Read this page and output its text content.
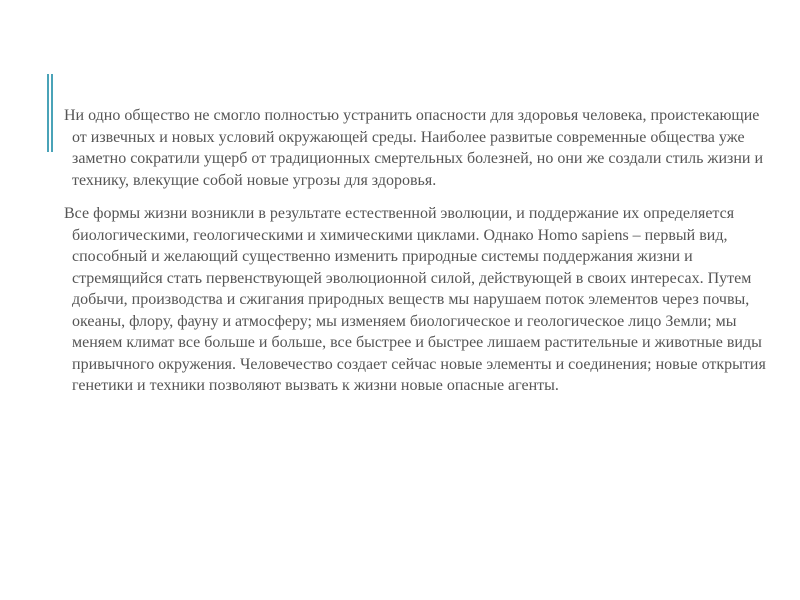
Ни одно общество не смогло полностью устранить опасности для здоровья человека, проистекающие от извечных и новых условий окружающей среды. Наиболее развитые современные общества уже заметно сократили ущерб от традиционных смертельных болезней, но они же создали стиль жизни и технику, влекущие собой новые угрозы для здоровья.

Все формы жизни возникли в результате естественной эволюции, и поддержание их определяется биологическими, геологическими и химическими циклами. Однако Homo sapiens – первый вид, способный и желающий существенно изменить природные системы поддержания жизни и стремящийся стать первенствующей эволюционной силой, действующей в своих интересах. Путем добычи, производства и сжигания природных веществ мы нарушаем поток элементов через почвы, океаны, флору, фауну и атмосферу; мы изменяем биологическое и геологическое лицо Земли; мы меняем климат все больше и больше, все быстрее и быстрее лишаем растительные и животные виды привычного окружения. Человечество создает сейчас новые элементы и соединения; новые открытия генетики и техники позволяют вызвать к жизни новые опасные агенты.
